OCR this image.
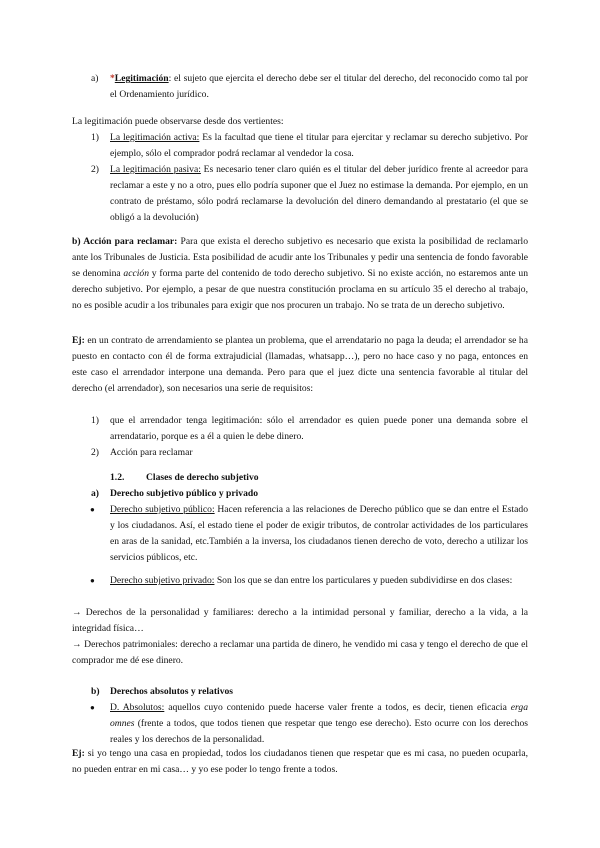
a)	*Legitimación: el sujeto que ejercita el derecho debe ser el titular del derecho, del reconocido como tal por el Ordenamiento jurídico.
La legitimación puede observarse desde dos vertientes:
1)	La legitimación activa: Es la facultad que tiene el titular para ejercitar y reclamar su derecho subjetivo. Por ejemplo, sólo el comprador podrá reclamar al vendedor la cosa.
2)	La legitimación pasiva: Es necesario tener claro quién es el titular del deber jurídico frente al acreedor para reclamar a este y no a otro, pues ello podría suponer que el Juez no estimase la demanda. Por ejemplo, en un contrato de préstamo, sólo podrá reclamarse la devolución del dinero demandando al prestatario (el que se obligó a la devolución)
b) Acción para reclamar: Para que exista el derecho subjetivo es necesario que exista la posibilidad de reclamarlo ante los Tribunales de Justicia. Esta posibilidad de acudir ante los Tribunales y pedir una sentencia de fondo favorable se denomina acción y forma parte del contenido de todo derecho subjetivo. Si no existe acción, no estaremos ante un derecho subjetivo. Por ejemplo, a pesar de que nuestra constitución proclama en su artículo 35 el derecho al trabajo, no es posible acudir a los tribunales para exigir que nos procuren un trabajo. No se trata de un derecho subjetivo.
Ej: en un contrato de arrendamiento se plantea un problema, que el arrendatario no paga la deuda; el arrendador se ha puesto en contacto con él de forma extrajudicial (llamadas, whatsapp…), pero no hace caso y no paga, entonces en este caso el arrendador interpone una demanda. Pero para que el juez dicte una sentencia favorable al titular del derecho (el arrendador), son necesarios una serie de requisitos:
1)	que el arrendador tenga legitimación: sólo el arrendador es quien puede poner una demanda sobre el arrendatario, porque es a él a quien le debe dinero.
2)	Acción para reclamar
1.2. Clases de derecho subjetivo
a)	Derecho subjetivo público y privado
●	Derecho subjetivo público: Hacen referencia a las relaciones de Derecho público que se dan entre el Estado y los ciudadanos. Así, el estado tiene el poder de exigir tributos, de controlar actividades de los particulares en aras de la sanidad, etc.También a la inversa, los ciudadanos tienen derecho de voto, derecho a utilizar los servicios públicos, etc.
●	Derecho subjetivo privado: Son los que se dan entre los particulares y pueden subdividirse en dos clases:
→ Derechos de la personalidad y familiares: derecho a la intimidad personal y familiar, derecho a la vida, a la integridad física…
→ Derechos patrimoniales: derecho a reclamar una partida de dinero, he vendido mi casa y tengo el derecho de que el comprador me dé ese dinero.
b)	Derechos absolutos y relativos
●	D. Absolutos: aquellos cuyo contenido puede hacerse valer frente a todos, es decir, tienen eficacia erga omnes (frente a todos, que todos tienen que respetar que tengo ese derecho). Esto ocurre con los derechos reales y los derechos de la personalidad.
Ej: si yo tengo una casa en propiedad, todos los ciudadanos tienen que respetar que es mi casa, no pueden ocuparla, no pueden entrar en mi casa… y yo ese poder lo tengo frente a todos.
